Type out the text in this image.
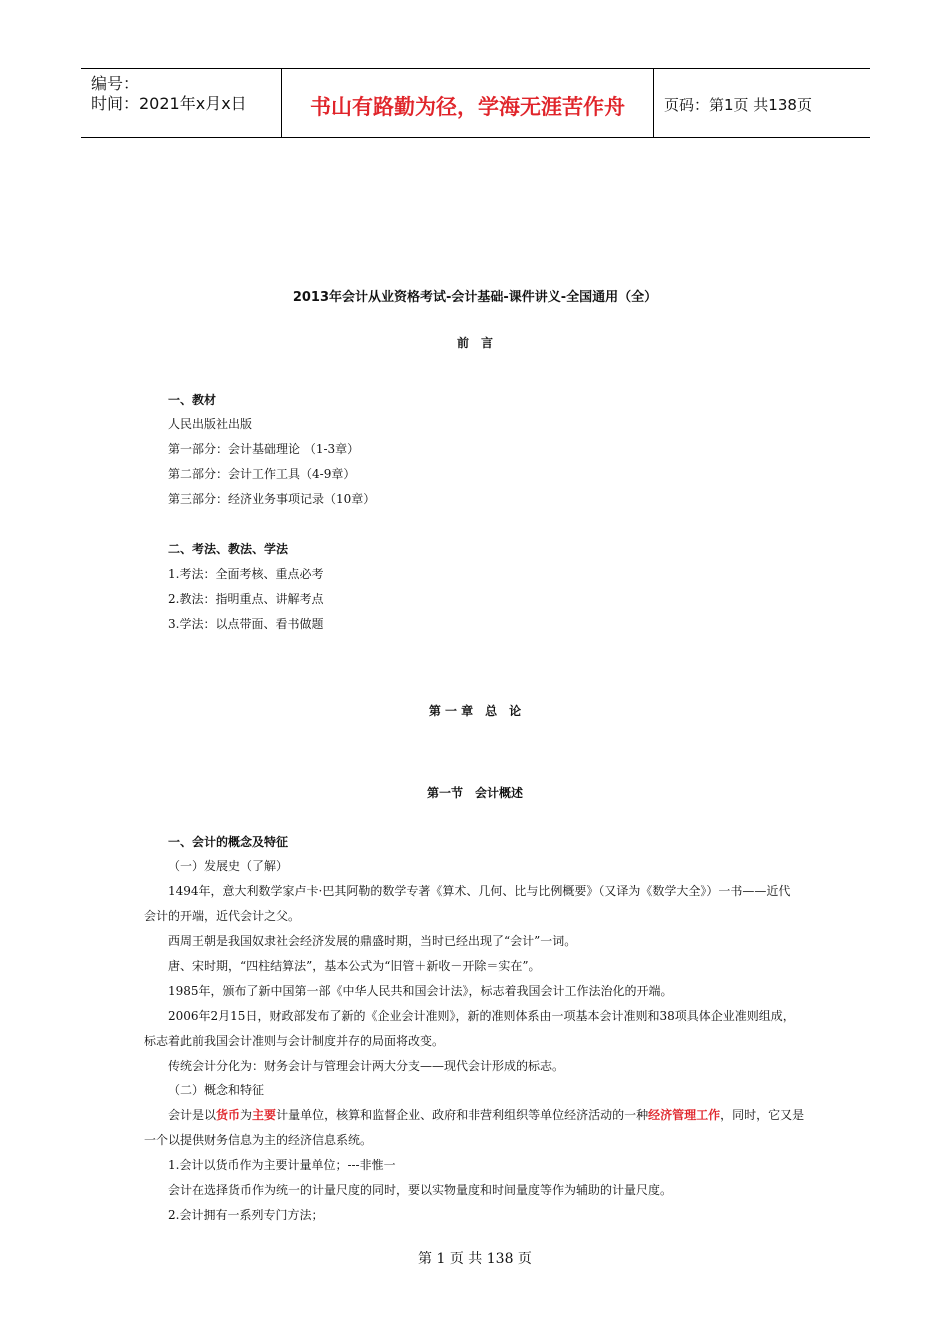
编号：
时间：2021年x月x日	书山有路勤为径，学海无涯苦作舟	页码：第1页 共138页
2013年会计从业资格考试-会计基础-课件讲义-全国通用（全）
前　言
一、教材
人民出版社出版
第一部分：会计基础理论 （1-3章）
第二部分：会计工作工具（4-9章）
第三部分：经济业务事项记录（10章）
二、考法、教法、学法
1.考法：全面考核、重点必考
2.教法：指明重点、讲解考点
3.学法：以点带面、看书做题
第 一 章　总　论
第一节　会计概述
一、会计的概念及特征
（一）发展史（了解）
1494年，意大利数学家卢卡·巴其阿勒的数学专著《算术、几何、比与比例概要》（又译为《数学大全》）一书——近代
会计的开端，近代会计之父。
西周王朝是我国奴隶社会经济发展的鼎盛时期，当时已经出现了“会计”一词。
唐、宋时期，“四柱结算法”，基本公式为“旧管＋新收－开除＝实在”。
1985年，颁布了新中国第一部《中华人民共和国会计法》，标志着我国会计工作法治化的开端。
2006年2月15日，财政部发布了新的《企业会计准则》，新的准则体系由一项基本会计准则和38项具体企业准则组成，
标志着此前我国会计准则与会计制度并存的局面将改变。
传统会计分化为：财务会计与管理会计两大分支——现代会计形成的标志。
（二）概念和特征
会计是以货币为主要计量单位，核算和监督企业、政府和非营利组织等单位经济活动的一种经济管理工作，同时，它又是
一个以提供财务信息为主的经济信息系统。
1.会计以货币作为主要计量单位；---非惟一
会计在选择货币作为统一的计量尺度的同时，要以实物量度和时间量度等作为辅助的计量尺度。
2.会计拥有一系列专门方法；
第 1 页 共 138 页
